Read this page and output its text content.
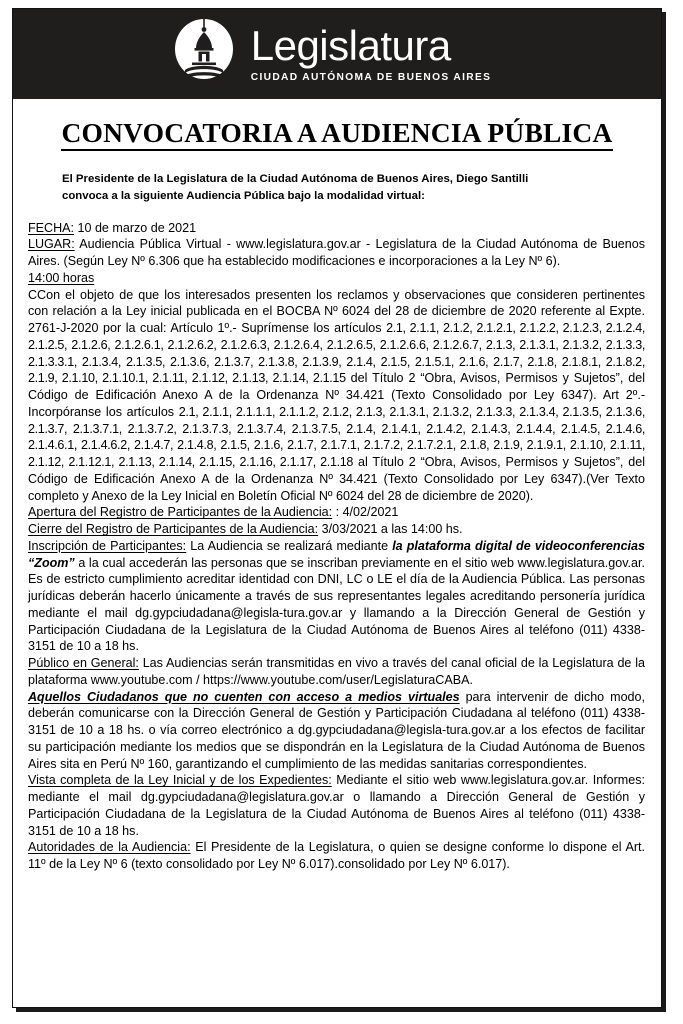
Legislatura
CIUDAD AUTÓNOMA DE BUENOS AIRES
CONVOCATORIA A AUDIENCIA PÚBLICA
El Presidente de la Legislatura de la Ciudad Autónoma de Buenos Aires, Diego Santilli
convoca a la siguiente Audiencia Pública bajo la modalidad virtual:

FECHA: 10 de marzo de 2021

LUGAR: Audiencia Pública Virtual - www.legislatura.gov.ar - Legislatura de la Ciudad Autónoma de Buenos Aires. (Según Ley Nº 6.306 que ha establecido modificaciones e incorporaciones a la Ley Nº 6).

14:00 horas

CCon el objeto de que los interesados presenten los reclamos y observaciones que consideren pertinentes con relación a la Ley inicial publicada en el BOCBA Nº 6024 del 28 de diciembre de 2020 referente al Expte. 2761-J-2020 por la cual: Artículo 1º.- Suprímense los artículos 2.1, 2.1.1, 2.1.2, 2.1.2.1, 2.1.2.2, 2.1.2.3, 2.1.2.4, 2.1.2.5, 2.1.2.6, 2.1.2.6.1, 2.1.2.6.2, 2.1.2.6.3, 2.1.2.6.4, 2.1.2.6.5, 2.1.2.6.6, 2.1.2.6.7, 2.1.3, 2.1.3.1, 2.1.3.2, 2.1.3.3, 2.1.3.3.1, 2.1.3.4, 2.1.3.5, 2.1.3.6, 2.1.3.7, 2.1.3.8, 2.1.3.9, 2.1.4, 2.1.5, 2.1.5.1, 2.1.6, 2.1.7, 2.1.8, 2.1.8.1, 2.1.8.2, 2.1.9, 2.1.10, 2.1.10.1, 2.1.11, 2.1.12, 2.1.13, 2.1.14, 2.1.15 del Título 2 “Obra, Avisos, Permisos y Sujetos”, del Código de Edificación Anexo A de la Ordenanza Nº 34.421 (Texto Consolidado por Ley 6347). Art 2º.- Incorpóranse los artículos 2.1, 2.1.1, 2.1.1.1, 2.1.1.2, 2.1.2, 2.1.3, 2.1.3.1, 2.1.3.2, 2.1.3.3, 2.1.3.4, 2.1.3.5, 2.1.3.6, 2.1.3.7, 2.1.3.7.1, 2.1.3.7.2, 2.1.3.7.3, 2.1.3.7.4, 2.1.3.7.5, 2.1.4, 2.1.4.1, 2.1.4.2, 2.1.4.3, 2.1.4.4, 2.1.4.5, 2.1.4.6, 2.1.4.6.1, 2.1.4.6.2, 2.1.4.7, 2.1.4.8, 2.1.5, 2.1.6, 2.1.7, 2.1.7.1, 2.1.7.2, 2.1.7.2.1, 2.1.8, 2.1.9, 2.1.9.1, 2.1.10, 2.1.11, 2.1.12, 2.1.12.1, 2.1.13, 2.1.14, 2.1.15, 2.1.16, 2.1.17, 2.1.18 al Título 2 “Obra, Avisos, Permisos y Sujetos”, del Código de Edificación Anexo A de la Ordenanza Nº 34.421 (Texto Consolidado por Ley 6347).(Ver Texto completo y Anexo de la Ley Inicial en Boletín Oficial Nº 6024 del 28 de diciembre de 2020).

Apertura del Registro de Participantes de la Audiencia: : 4/02/2021

Cierre del Registro de Participantes de la Audiencia: 3/03/2021 a las 14:00 hs.

Inscripción de Participantes: La Audiencia se realizará mediante la plataforma digital de videoconferencias “Zoom” a la cual accederán las personas que se inscriban previamente en el sitio web www.legislatura.gov.ar. Es de estricto cumplimiento acreditar identidad con DNI, LC o LE el día de la Audiencia Pública. Las personas jurídicas deberán hacerlo únicamente a través de sus representantes legales acreditando personería jurídica mediante el mail dg.gypciudadana@legisla-tura.gov.ar y llamando a la Dirección General de Gestión y Participación Ciudadana de la Legislatura de la Ciudad Autónoma de Buenos Aires al teléfono (011) 4338-3151 de 10 a 18 hs.

Público en General: Las Audiencias serán transmitidas en vivo a través del canal oficial de la Legislatura de la plataforma www.youtube.com / https://www.youtube.com/user/LegislaturaCABA.

Aquellos Ciudadanos que no cuenten con acceso a medios virtuales para intervenir de dicho modo, deberán comunicarse con la Dirección General de Gestión y Participación Ciudadana al teléfono (011) 4338-3151 de 10 a 18 hs. o vía correo electrónico a dg.gypciudadana@legisla-tura.gov.ar a los efectos de facilitar su participación mediante los medios que se dispondrán en la Legislatura de la Ciudad Autónoma de Buenos Aires sita en Perú Nº 160, garantizando el cumplimiento de las medidas sanitarias correspondientes.

Vista completa de la Ley Inicial y de los Expedientes: Mediante el sitio web www.legislatura.gov.ar. Informes: mediante el mail dg.gypciudadana@legislatura.gov.ar o llamando a Dirección General de Gestión y Participación Ciudadana de la Legislatura de la Ciudad Autónoma de Buenos Aires al teléfono (011) 4338-3151 de 10 a 18 hs.

Autoridades de la Audiencia: El Presidente de la Legislatura, o quien se designe conforme lo dispone el Art. 11º de la Ley Nº 6 (texto consolidado por Ley Nº 6.017).consolidado por Ley Nº 6.017).
